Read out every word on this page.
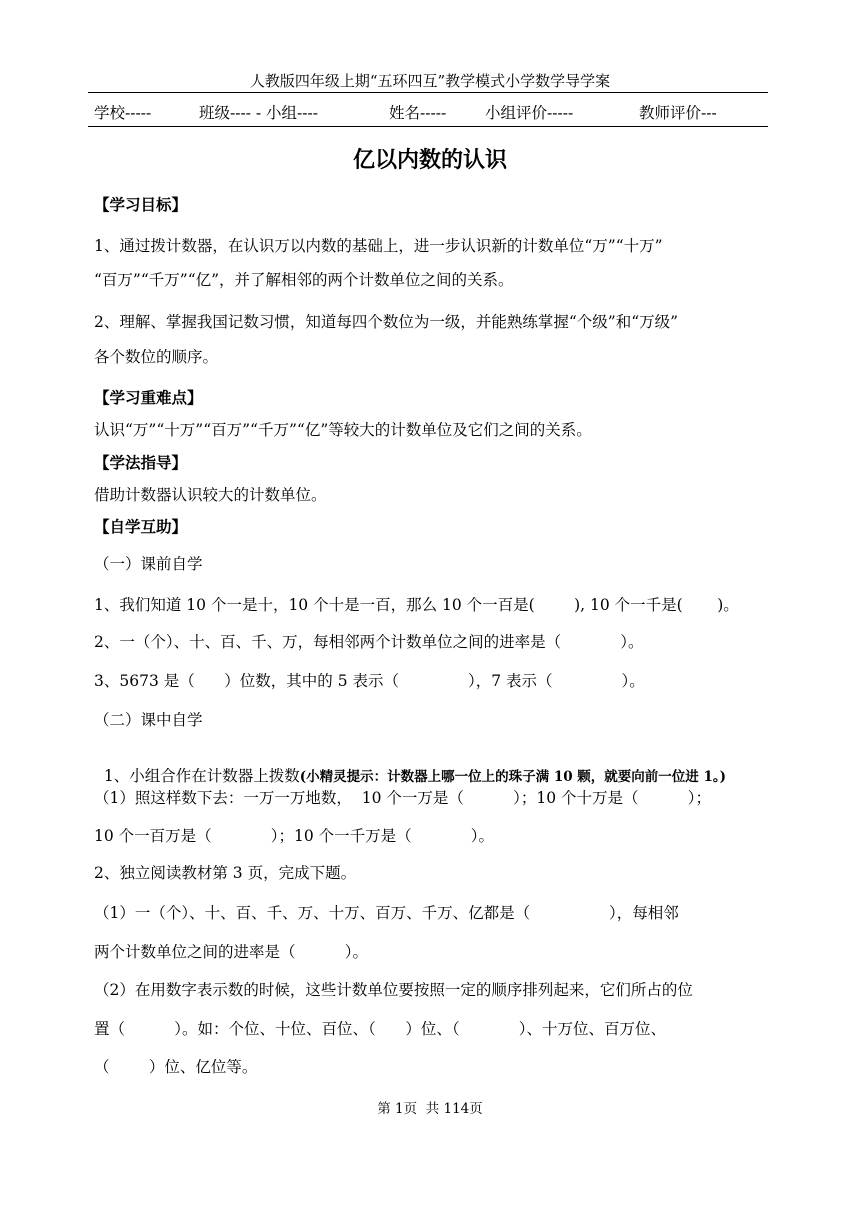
人教版四年级上期“五环四互”教学模式小学数学导学案
学校-----	班级---- - 小组----	姓名-----	小组评价-----	教师评价---
亿以内数的认识
【学习目标】
1、通过拨计数器，在认识万以内数的基础上，进一步认识新的计数单位“万”“十万”
“百万”“千万”“亿”，并了解相邻的两个计数单位之间的关系。
2、理解、掌握我国记数习惯，知道每四个数位为一级，并能熟练掌握“个级”和“万级”
各个数位的顺序。
【学习重难点】
认识“万”“十万”“百万”“千万”“亿”等较大的计数单位及它们之间的关系。
【学法指导】
借助计数器认识较大的计数单位。
【自学互助】
（一）课前自学
1、我们知道 10 个一是十，10 个十是一百，那么 10 个一百是(        ), 10 个一千是(       )。
2、一（个）、十、百、千、万，每相邻两个计数单位之间的进率是（            ）。
3、5673 是（      ）位数，其中的 5 表示（              ），7 表示（              ）。
（二）课中自学

1、小组合作在计数器上拨数(小精灵提示：计数器上哪一位上的珠子满 10 颗，就要向前一位进 1。)

（1）照这样数下去：一万一万地数，  10 个一万是（          ）；10 个十万是（          ）；
10 个一百万是（            ）；10 个一千万是（            ）。
2、独立阅读教材第 3 页，完成下题。
（1）一（个）、十、百、千、万、十万、百万、千万、亿都是（                ），每相邻
两个计数单位之间的进率是（          ）。
（2）在用数字表示数的时候，这些计数单位要按照一定的顺序排列起来，它们所占的位
置（          ）。如：个位、十位、百位、（      ）位、（            ）、十万位、百万位、
（        ）位、亿位等。
第 1页  共 114页
